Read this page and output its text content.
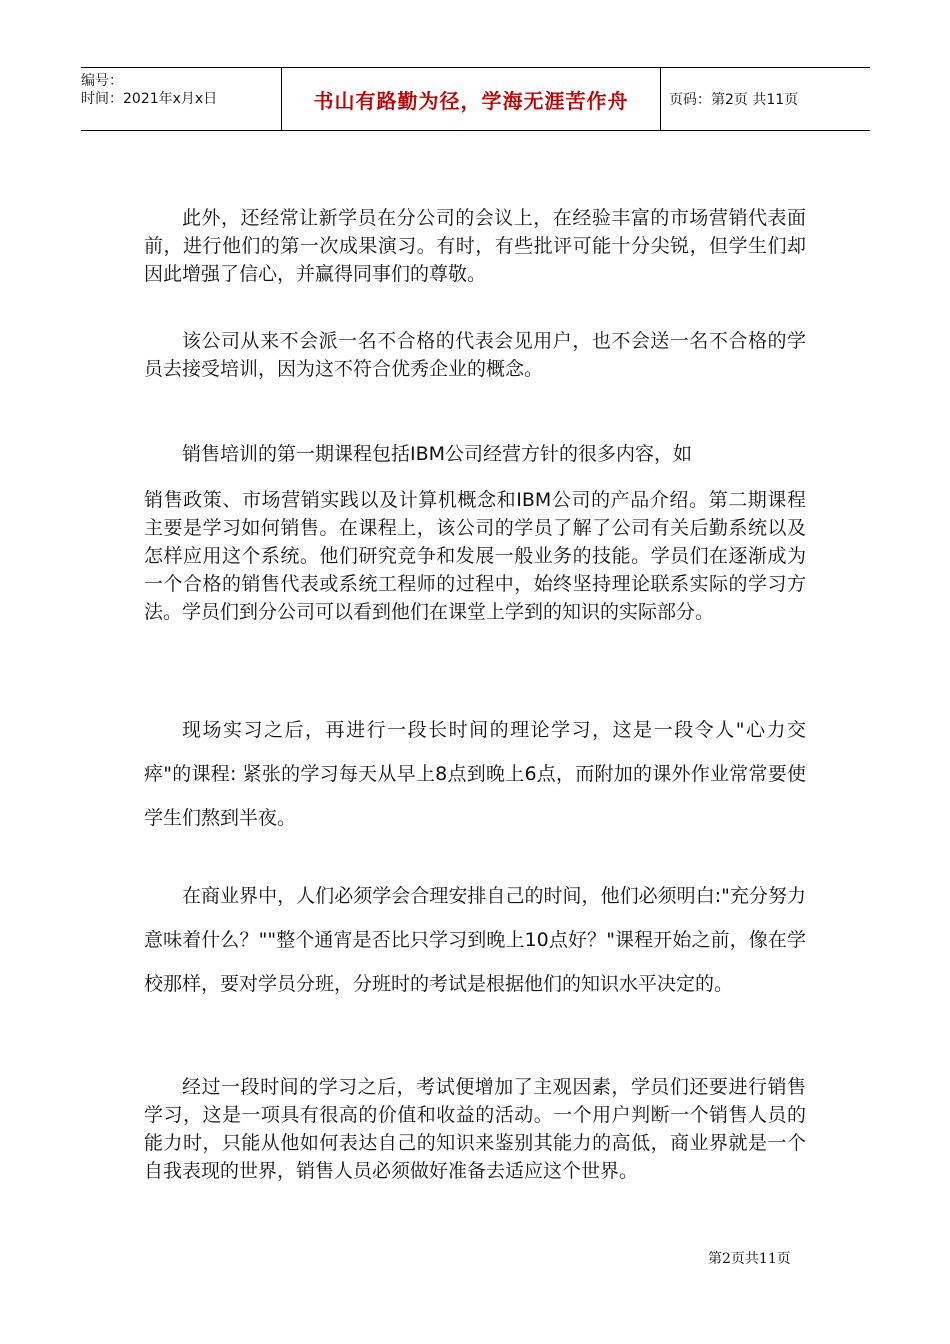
编号：
时间：2021年x月x日	书山有路勤为径，学海无涯苦作舟	页码：第2页 共11页

此外，还经常让新学员在分公司的会议上，在经验丰富的市场营销代表面前，进行他们的第一次成果演习。有时，有些批评可能十分尖锐，但学生们却因此增强了信心，并赢得同事们的尊敬。

该公司从来不会派一名不合格的代表会见用户，也不会送一名不合格的学员去接受培训，因为这不符合优秀企业的概念。

销售培训的第一期课程包括IBM公司经营方针的很多内容，如

销售政策、市场营销实践以及计算机概念和IBM公司的产品介绍。第二期课程主要是学习如何销售。在课程上，该公司的学员了解了公司有关后勤系统以及怎样应用这个系统。他们研究竞争和发展一般业务的技能。学员们在逐渐成为一个合格的销售代表或系统工程师的过程中，始终坚持理论联系实际的学习方法。学员们到分公司可以看到他们在课堂上学到的知识的实际部分。

现场实习之后，再进行一段长时间的理论学习，这是一段令人"心力交瘁"的课程: 紧张的学习每天从早上8点到晚上6点，而附加的课外作业常常要使学生们熬到半夜。

在商业界中，人们必须学会合理安排自己的时间，他们必须明白:"充分努力意味着什么？""整个通宵是否比只学习到晚上10点好？"课程开始之前，像在学校那样，要对学员分班，分班时的考试是根据他们的知识水平决定的。

经过一段时间的学习之后，考试便增加了主观因素，学员们还要进行销售学习，这是一项具有很高的价值和收益的活动。一个用户判断一个销售人员的能力时，只能从他如何表达自己的知识来鉴别其能力的高低，商业界就是一个自我表现的世界，销售人员必须做好准备去适应这个世界。

第2页共11页
